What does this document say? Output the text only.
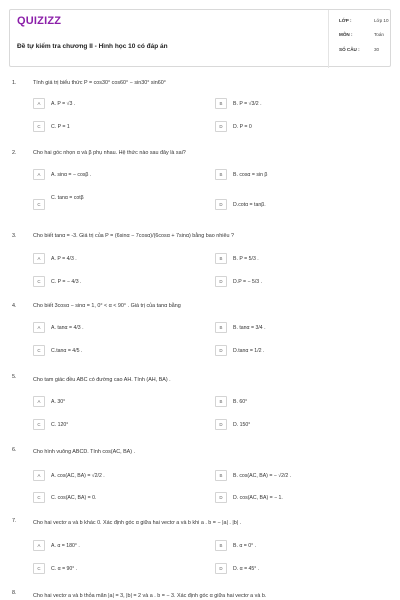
QUIZIZZ
Đề tự kiểm tra chương II - Hình học 10 có đáp án
LỚP :	Lớp 10
MÔN :	Toán
SỐ CÂU :	30
1.	Tính giá trị biểu thức P = cos30° cos60° − sin30° sin60°
A	A. P = √3 .	B	B. P = √3/2 .
C	C. P = 1	D	D. P = 0
2.	Cho hai góc nhọn α và β phụ nhau. Hệ thức nào sau đây là sai?
A	A. sinα = − cosβ .	B	B. cosα = sin β
C
C. tanα = cotβ
D	D.cotα = tanβ.
3.	Cho biết tanα = -3. Giá trị của P = (6sinα − 7cosα)/(6cosα + 7sinα) bằng bao nhiêu ?
A	A. P = 4/3 .	B	B. P = 5/3 .
C	C. P = − 4/3 .	D	D.P = − 5/3 .
4.	Cho biết 3cosα − sinα = 1, 0° < α < 90° . Giá trị của tanα bằng
A	A. tanα = 4/3 .	B	B. tanα = 3/4 .
C	C.tanα = 4/5 .	D	D.tanα = 1/2 .
5.	Cho tam giác đều ABC có đường cao AH. Tính (AH, BA) .
A	A. 30°	B	B. 60°
C	C. 120°	D	D. 150°
6.	Cho hình vuông ABCD. Tính cos(AC, BA) .
A	A. cos(AC, BA) = √2/2 .	B	B. cos(AC, BA) = − √2/2 .
C	C. cos(AC, BA) = 0.	D	D. cos(AC, BA) = − 1.
7.	Cho hai vectơ a và b khác 0. Xác định góc α giữa hai vectơ a và b khi a . b = − |a| . |b| .
A	A. α = 180° .	B	B. α = 0° .
C	C. α = 90° .	D	D. α = 45° .
8.	Cho hai vectơ a và b thỏa mãn |a| = 3, |b| = 2 và a . b = − 3. Xác định góc α giữa hai vectơ a và b.
